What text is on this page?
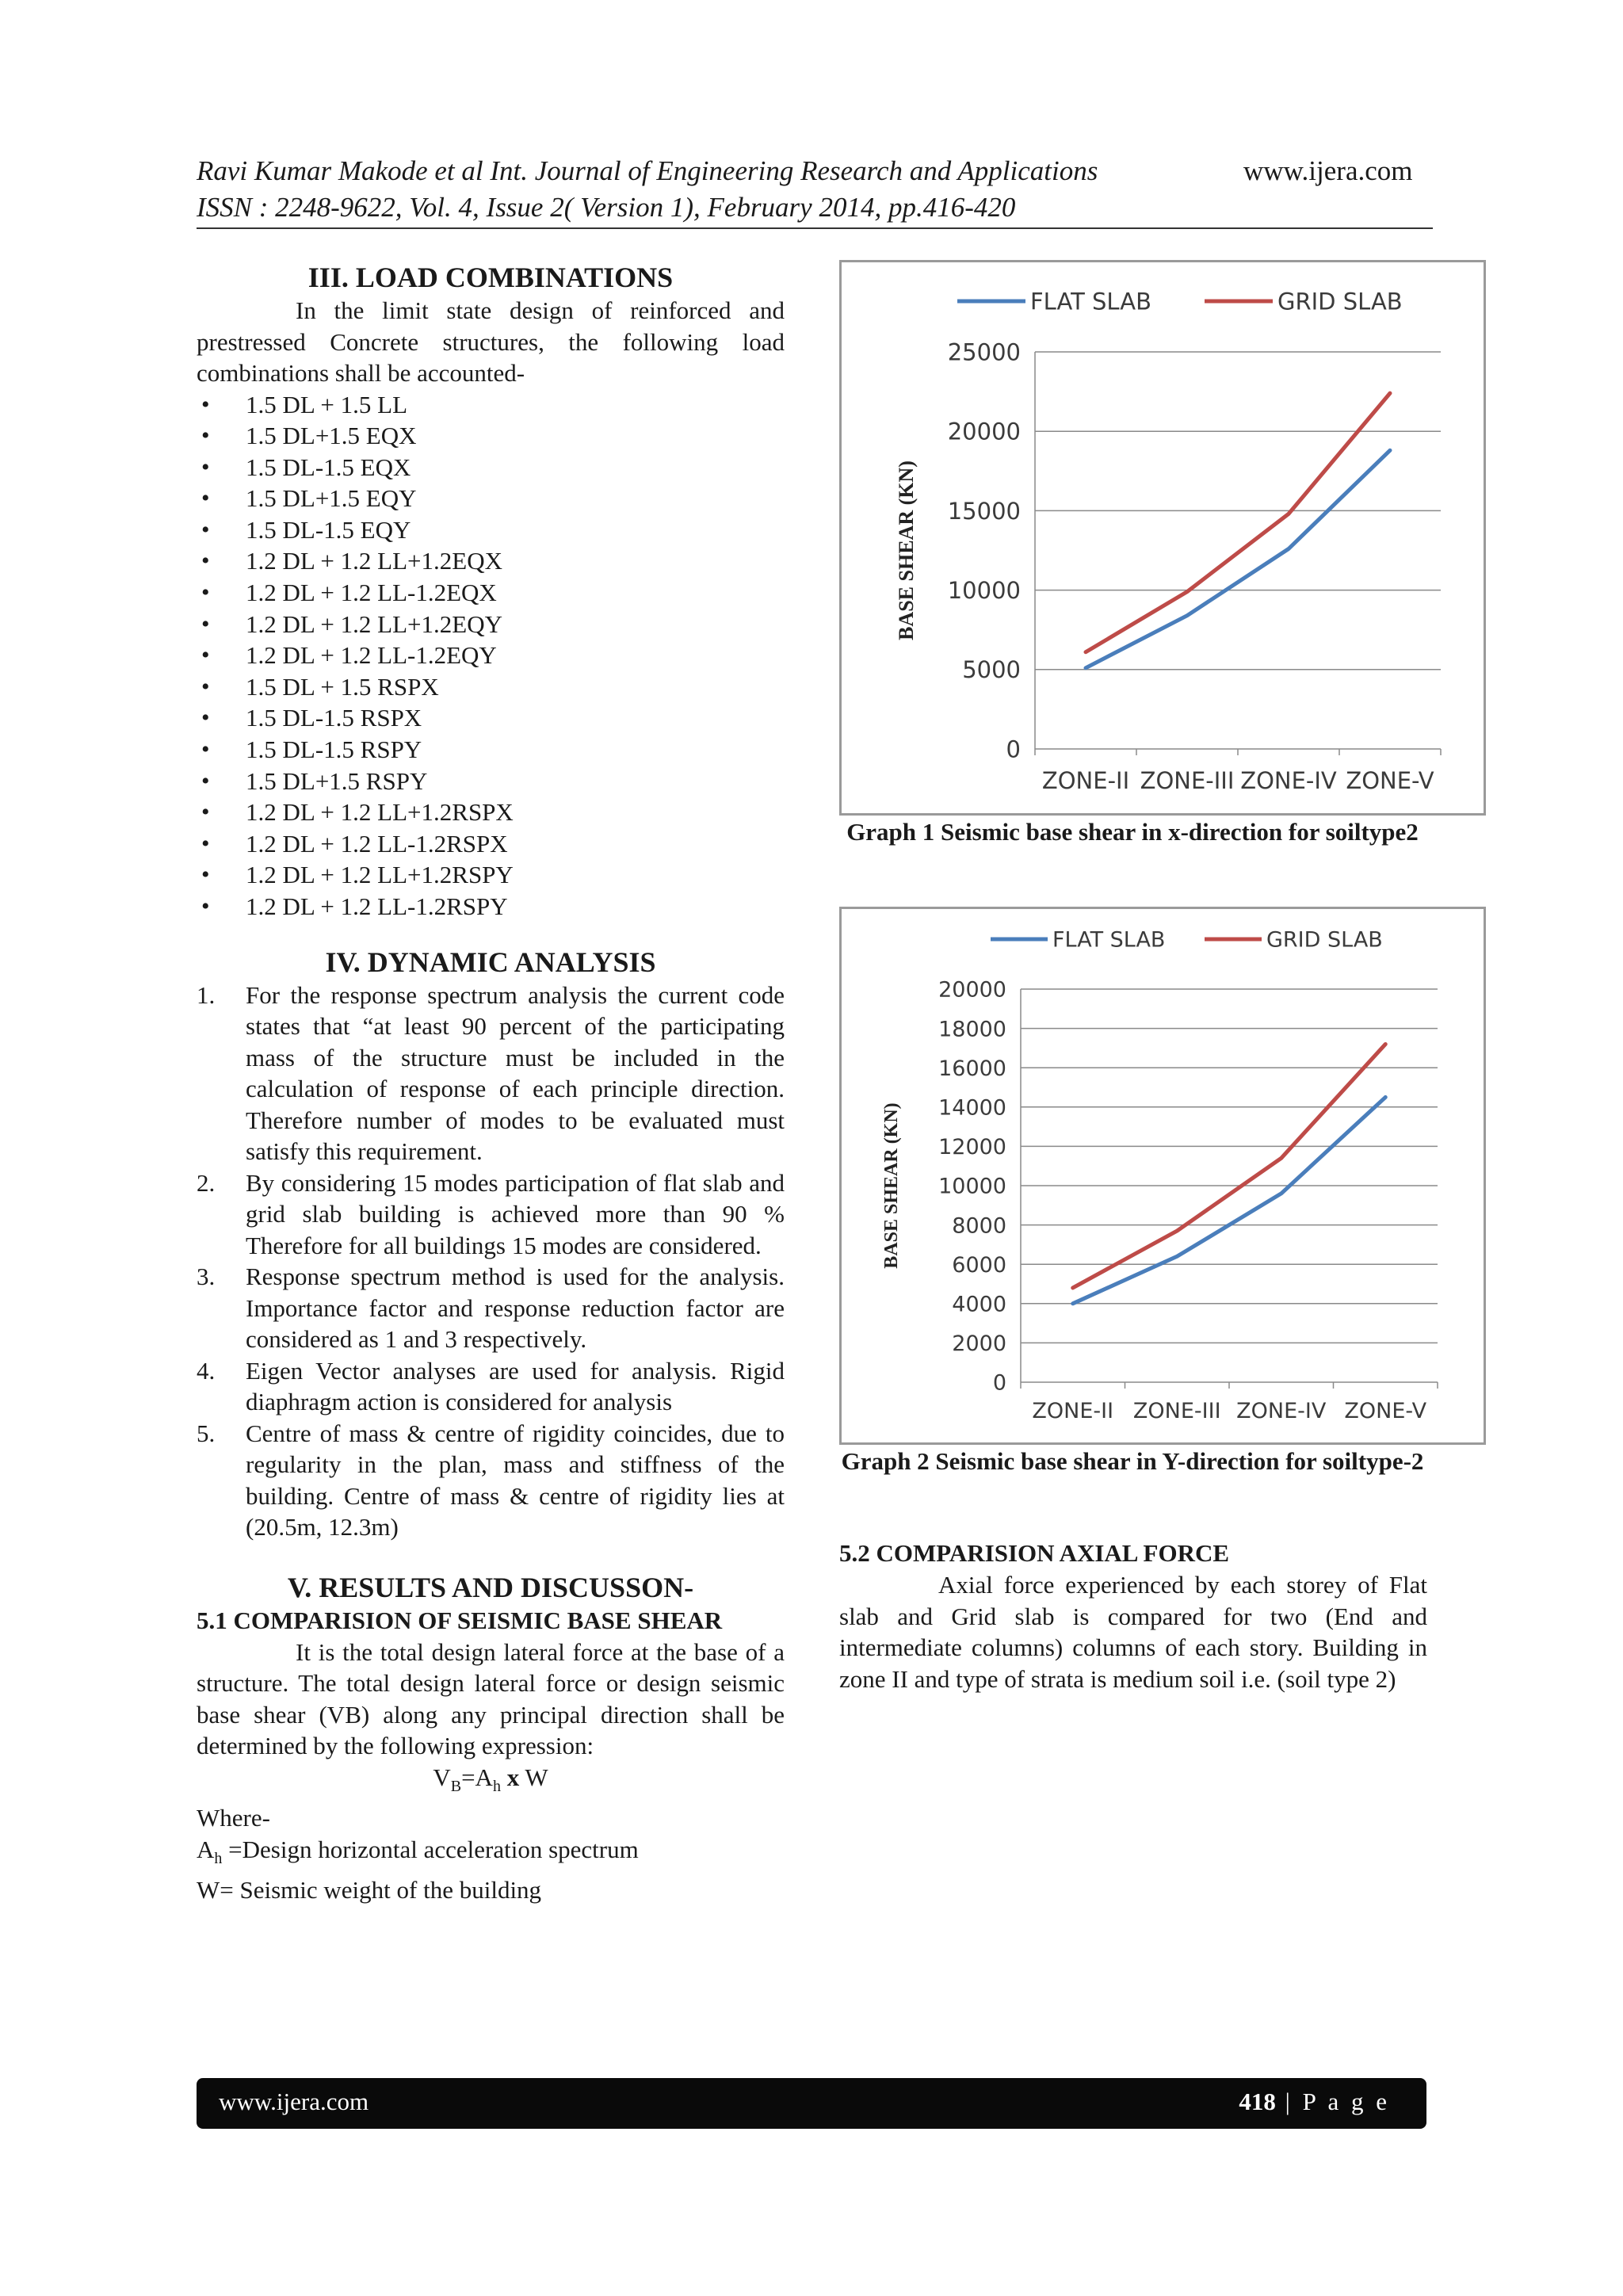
Ravi Kumar Makode et al Int. Journal of Engineering Research and Applications	www.ijera.com
ISSN : 2248-9622, Vol. 4, Issue 2( Version 1), February 2014, pp.416-420
III. LOAD COMBINATIONS

In the limit state design of reinforced and prestressed Concrete structures, the following load combinations shall be accounted-

• 1.5 DL + 1.5 LL
• 1.5 DL+1.5 EQX
• 1.5 DL-1.5 EQX
• 1.5 DL+1.5 EQY
• 1.5 DL-1.5 EQY
• 1.2 DL + 1.2 LL+1.2EQX
• 1.2 DL + 1.2 LL-1.2EQX
• 1.2 DL + 1.2 LL+1.2EQY
• 1.2 DL + 1.2 LL-1.2EQY
• 1.5 DL + 1.5 RSPX
• 1.5 DL-1.5 RSPX
• 1.5 DL-1.5 RSPY
• 1.5 DL+1.5 RSPY
• 1.2 DL + 1.2 LL+1.2RSPX
• 1.2 DL + 1.2 LL-1.2RSPX
• 1.2 DL + 1.2 LL+1.2RSPY
• 1.2 DL + 1.2 LL-1.2RSPY
IV. DYNAMIC ANALYSIS
1.	For the response spectrum analysis the current code states that “at least 90 percent of the participating mass of the structure must be included in the calculation of response of each principle direction. Therefore number of modes to be evaluated must satisfy this requirement.
2.	By considering 15 modes participation of flat slab and grid slab building is achieved more than 90 % Therefore for all buildings 15 modes are considered.
3.	Response spectrum method is used for the analysis. Importance factor and response reduction factor are considered as 1 and 3 respectively.
4.	Eigen Vector analyses are used for analysis. Rigid diaphragm action is considered for analysis
5.	Centre of mass & centre of rigidity coincides, due to regularity in the plan, mass and stiffness of the building. Centre of mass & centre of rigidity lies at (20.5m, 12.3m)
V. RESULTS AND DISCUSSON-
5.1 COMPARISION OF SEISMIC BASE SHEAR

It is the total design lateral force at the base of a structure. The total design lateral force or design seismic base shear (VB) along any principal direction shall be determined by the following expression:

$V_B=A_h$ x W
Where-
$A_h$ =Design horizontal acceleration spectrum
W= Seismic weight of the building
0
5000
10000
15000
20000
25000
ZONE-II ZONE-III ZONE-IV ZONE-V
BASE SHEAR (KN)
FLAT SLAB	GRID SLAB
Graph 1 Seismic base shear in x-direction for soiltype2
0
2000
4000
6000
8000
10000
12000
14000
16000
18000
20000
ZONE-II ZONE-III ZONE-IV ZONE-V
BASE SHEAR (KN)
FLAT SLAB	GRID SLAB
Graph 2 Seismic base shear in Y-direction for soiltype-2
5.2 COMPARISION AXIAL FORCE

Axial force experienced by each storey of Flat slab and Grid slab is compared for two (End and intermediate columns) columns of each story. Building in zone II and type of strata is medium soil i.e. (soil type 2)

www.ijera.com	418 | P a g e
